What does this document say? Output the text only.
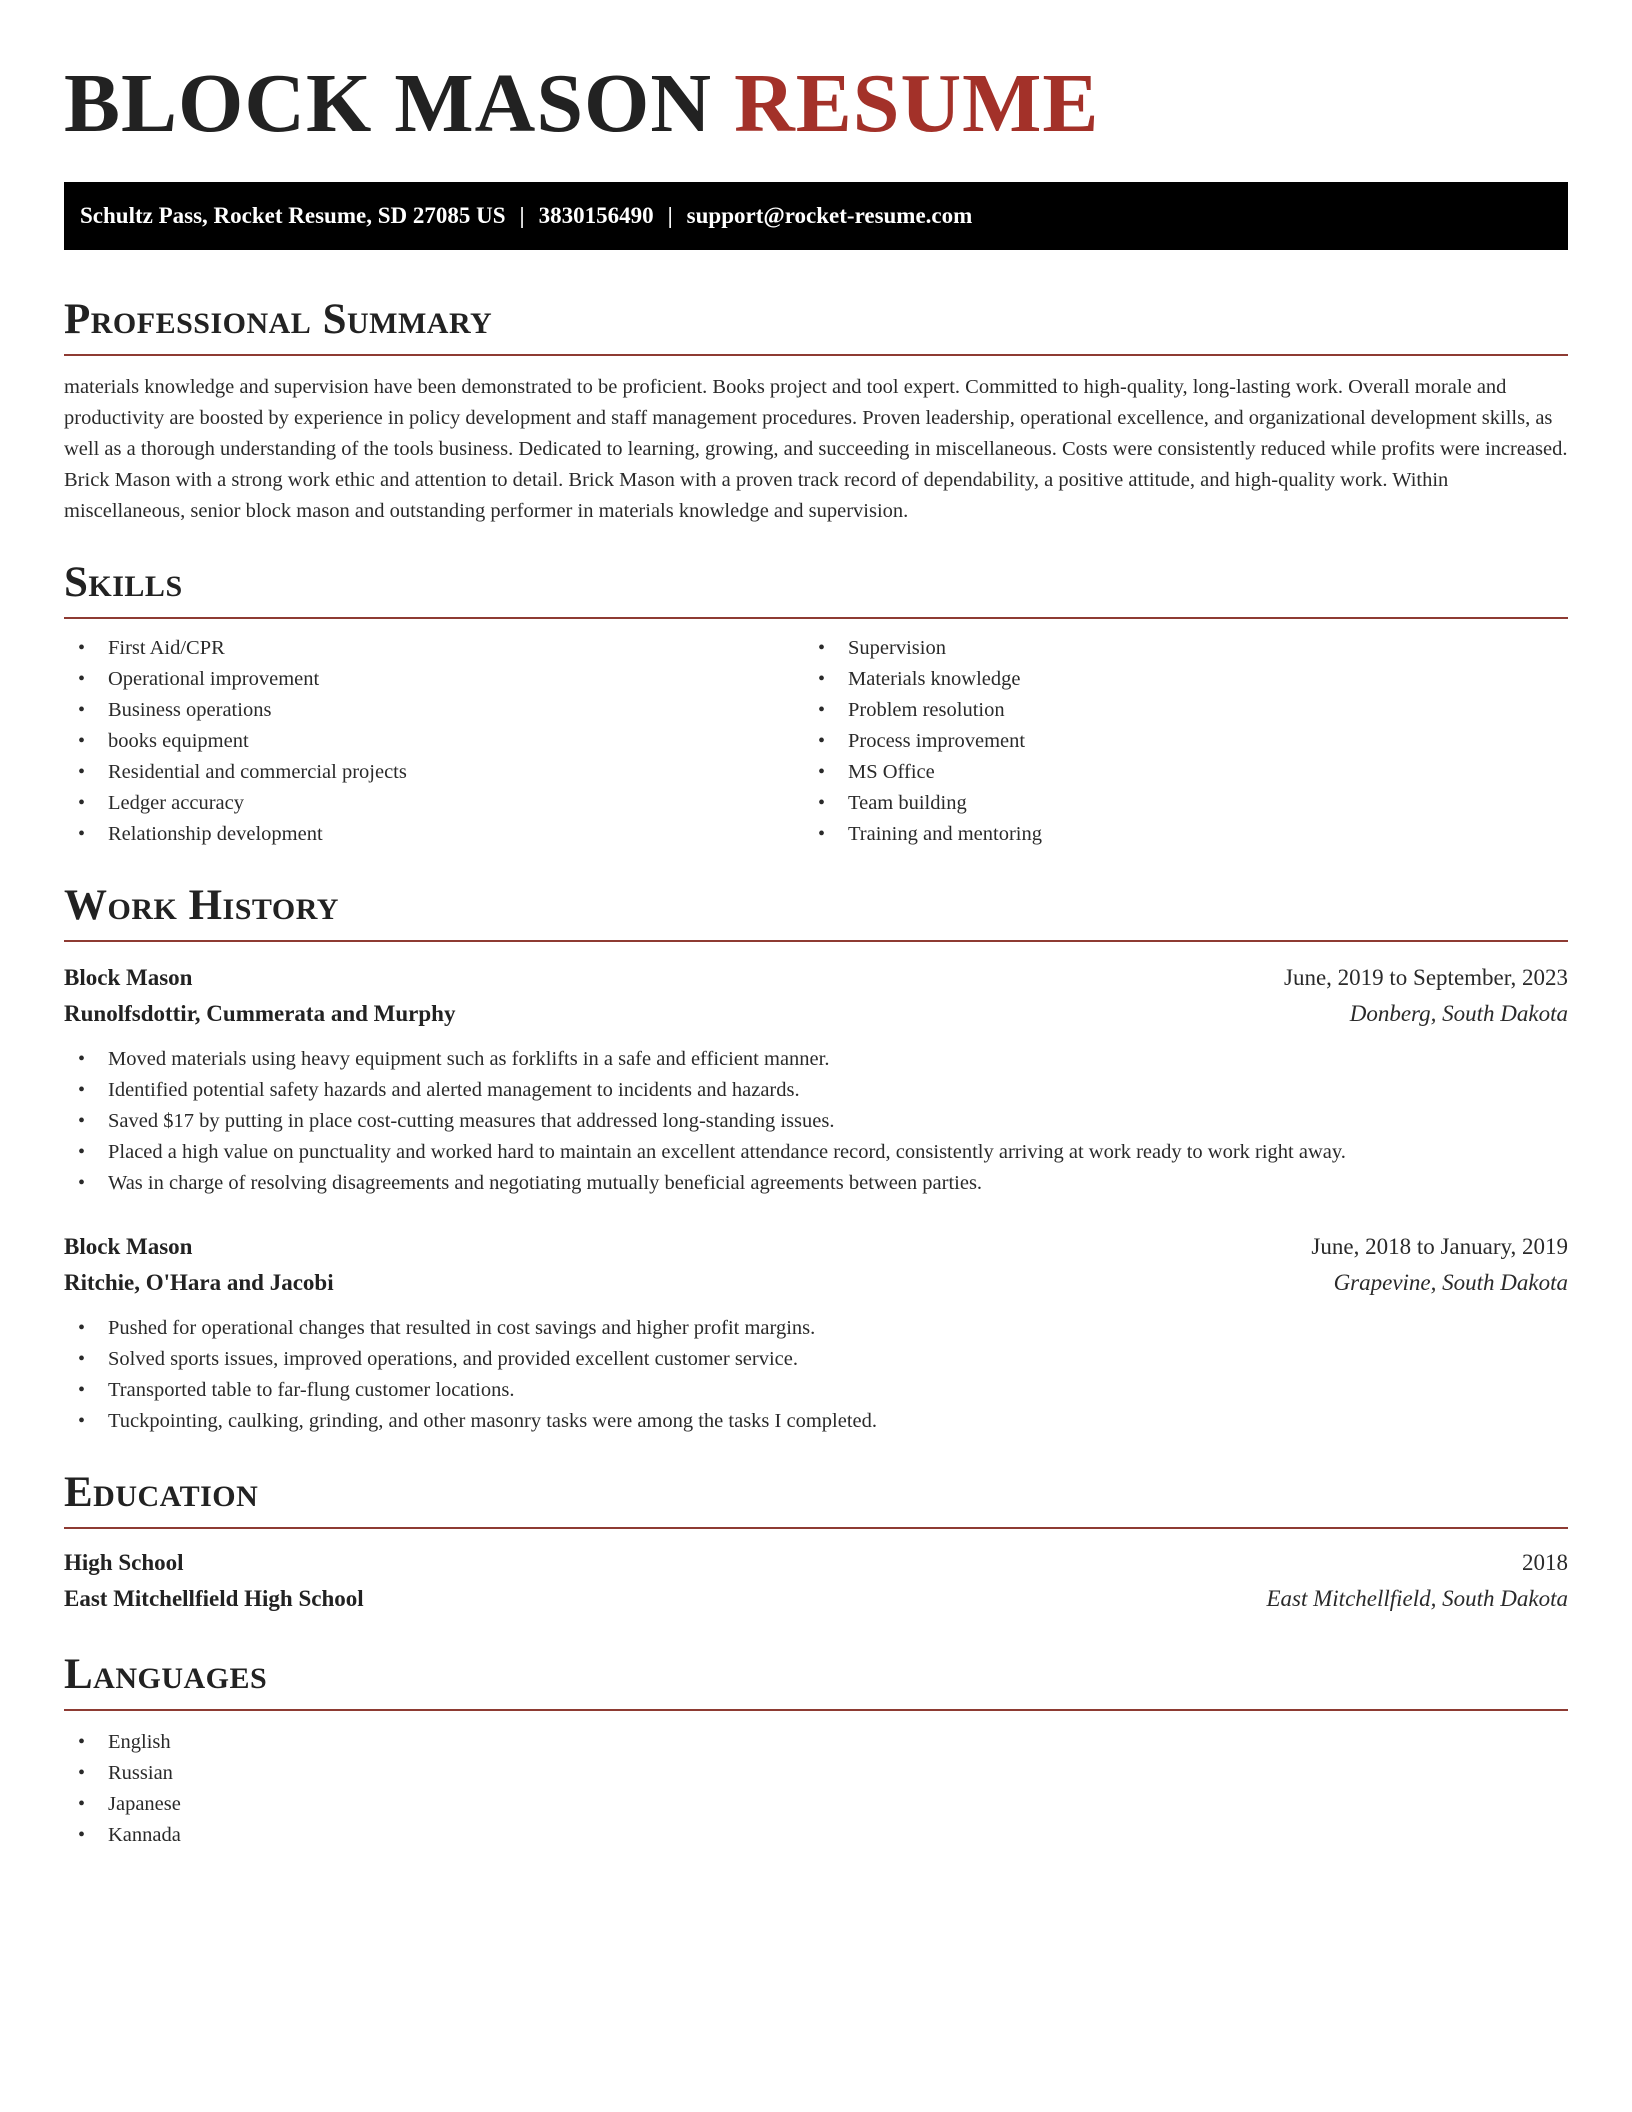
BLOCK MASON RESUME
Schultz Pass, Rocket Resume, SD 27085 US | 3830156490 | support@rocket-resume.com
Professional Summary

materials knowledge and supervision have been demonstrated to be proficient. Books project and tool expert. Committed to high-quality, long-lasting work. Overall morale and productivity are boosted by experience in policy development and staff management procedures. Proven leadership, operational excellence, and organizational development skills, as well as a thorough understanding of the tools business. Dedicated to learning, growing, and succeeding in miscellaneous. Costs were consistently reduced while profits were increased. Brick Mason with a strong work ethic and attention to detail. Brick Mason with a proven track record of dependability, a positive attitude, and high-quality work. Within miscellaneous, senior block mason and outstanding performer in materials knowledge and supervision.

Skills
• First Aid/CPR
• Operational improvement
• Business operations
• books equipment
• Residential and commercial projects
• Ledger accuracy
• Relationship development
• Supervision
• Materials knowledge
• Problem resolution
• Process improvement
• MS Office
• Team building
• Training and mentoring
Work History
Block Mason	June, 2019 to September, 2023
Runolfsdottir, Cummerata and Murphy	Donberg, South Dakota
• Moved materials using heavy equipment such as forklifts in a safe and efficient manner.
• Identified potential safety hazards and alerted management to incidents and hazards.
• Saved $17 by putting in place cost-cutting measures that addressed long-standing issues.
• Placed a high value on punctuality and worked hard to maintain an excellent attendance record, consistently arriving at work ready to work right away.
• Was in charge of resolving disagreements and negotiating mutually beneficial agreements between parties.
Block Mason	June, 2018 to January, 2019
Ritchie, O'Hara and Jacobi	Grapevine, South Dakota
• Pushed for operational changes that resulted in cost savings and higher profit margins.
• Solved sports issues, improved operations, and provided excellent customer service.
• Transported table to far-flung customer locations.
• Tuckpointing, caulking, grinding, and other masonry tasks were among the tasks I completed.
Education
High School	2018
East Mitchellfield High School	East Mitchellfield, South Dakota
Languages
• English
• Russian
• Japanese
• Kannada
